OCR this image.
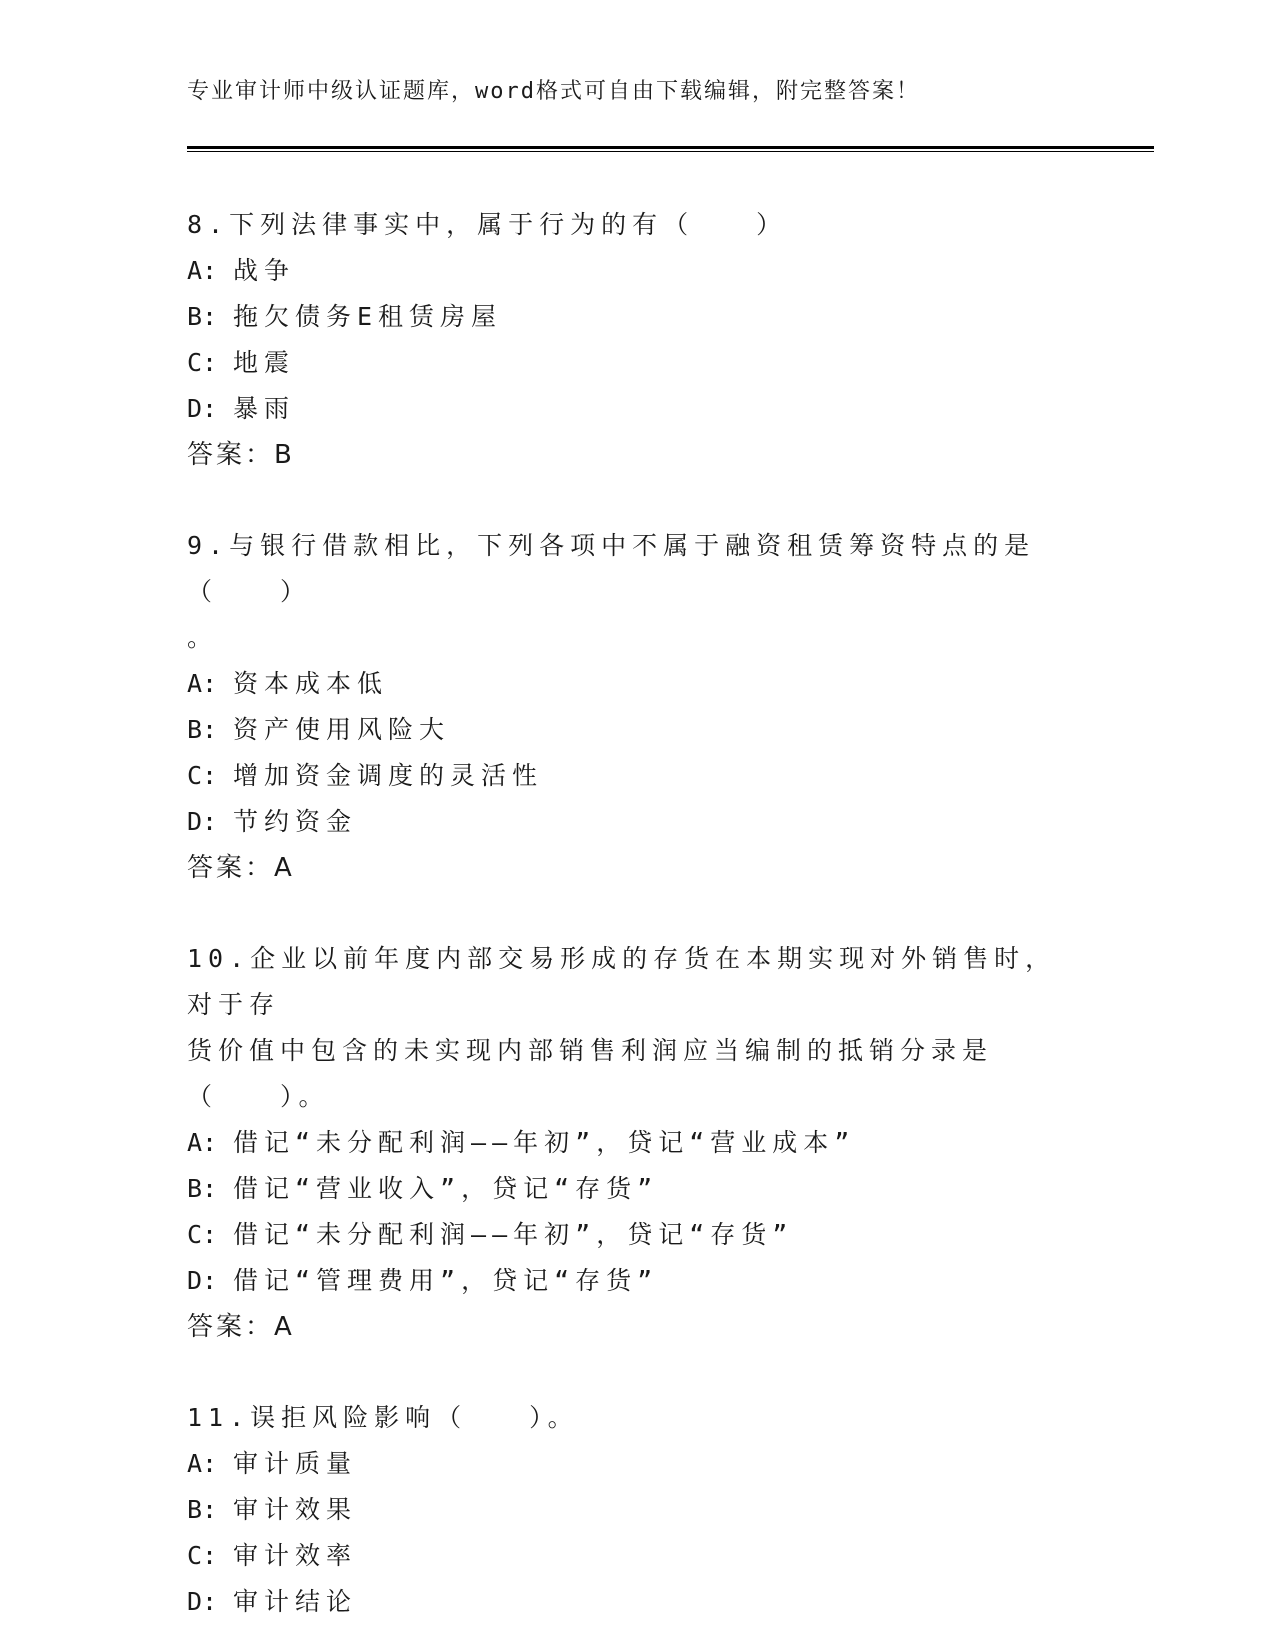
专业审计师中级认证题库，word格式可自由下载编辑，附完整答案！
8.下列法律事实中，属于行为的有（　　）
A: 战争
B: 拖欠债务E租赁房屋
C: 地震
D: 暴雨
答案：B
9.与银行借款相比，下列各项中不属于融资租赁筹资特点的是（　　）
。
A: 资本成本低
B: 资产使用风险大
C: 增加资金调度的灵活性
D: 节约资金
答案：A
10.企业以前年度内部交易形成的存货在本期实现对外销售时，对于存
货价值中包含的未实现内部销售利润应当编制的抵销分录是（　　）。
A: 借记“未分配利润——年初”，贷记“营业成本”
B: 借记“营业收入”，贷记“存货”
C: 借记“未分配利润——年初”，贷记“存货”
D: 借记“管理费用”，贷记“存货”
答案：A
11.误拒风险影响（　　）。
A: 审计质量
B: 审计效果
C: 审计效率
D: 审计结论
